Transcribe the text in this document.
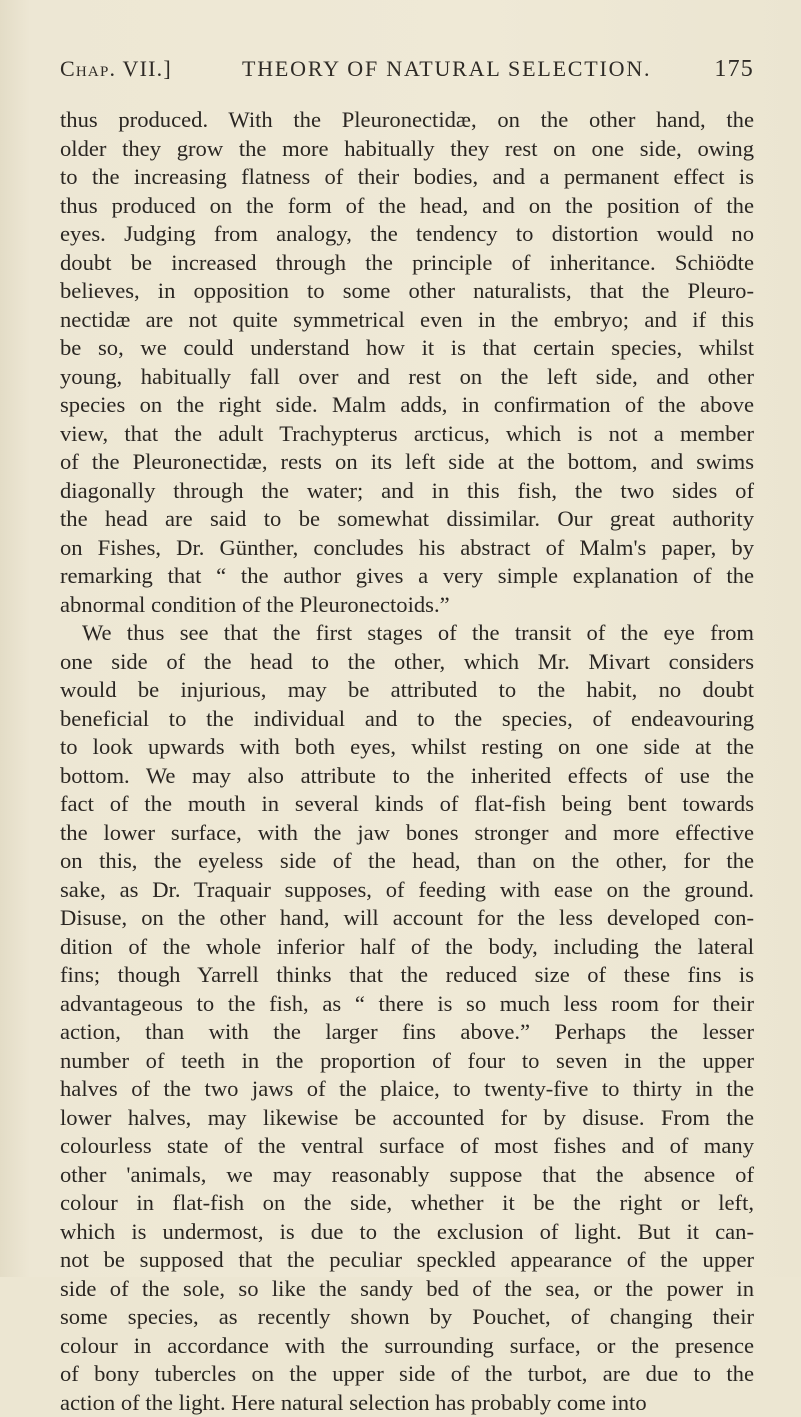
Chap. VII.]	THEORY OF NATURAL SELECTION.	175
thus produced. With the Pleuronectidæ, on the other hand, the
older they grow the more habitually they rest on one side, owing
to the increasing flatness of their bodies, and a permanent effect is
thus produced on the form of the head, and on the position of the
eyes. Judging from analogy, the tendency to distortion would no
doubt be increased through the principle of inheritance. Schiödte
believes, in opposition to some other naturalists, that the Pleuro-
nectidæ are not quite symmetrical even in the embryo; and if this
be so, we could understand how it is that certain species, whilst
young, habitually fall over and rest on the left side, and other
species on the right side. Malm adds, in confirmation of the above
view, that the adult Trachypterus arcticus, which is not a member
of the Pleuronectidæ, rests on its left side at the bottom, and swims
diagonally through the water; and in this fish, the two sides of
the head are said to be somewhat dissimilar. Our great authority
on Fishes, Dr. Günther, concludes his abstract of Malm's paper, by
remarking that “ the author gives a very simple explanation of the
abnormal condition of the Pleuronectoids.”
We thus see that the first stages of the transit of the eye from
one side of the head to the other, which Mr. Mivart considers
would be injurious, may be attributed to the habit, no doubt
beneficial to the individual and to the species, of endeavouring
to look upwards with both eyes, whilst resting on one side at the
bottom. We may also attribute to the inherited effects of use the
fact of the mouth in several kinds of flat-fish being bent towards
the lower surface, with the jaw bones stronger and more effective
on this, the eyeless side of the head, than on the other, for the
sake, as Dr. Traquair supposes, of feeding with ease on the ground.
Disuse, on the other hand, will account for the less developed con-
dition of the whole inferior half of the body, including the lateral
fins; though Yarrell thinks that the reduced size of these fins is
advantageous to the fish, as “ there is so much less room for their
action, than with the larger fins above.” Perhaps the lesser
number of teeth in the proportion of four to seven in the upper
halves of the two jaws of the plaice, to twenty-five to thirty in the
lower halves, may likewise be accounted for by disuse. From the
colourless state of the ventral surface of most fishes and of many
other 'animals, we may reasonably suppose that the absence of
colour in flat-fish on the side, whether it be the right or left,
which is undermost, is due to the exclusion of light. But it can-
not be supposed that the peculiar speckled appearance of the upper
side of the sole, so like the sandy bed of the sea, or the power in
some species, as recently shown by Pouchet, of changing their
colour in accordance with the surrounding surface, or the presence
of bony tubercles on the upper side of the turbot, are due to the
action of the light. Here natural selection has probably come into
